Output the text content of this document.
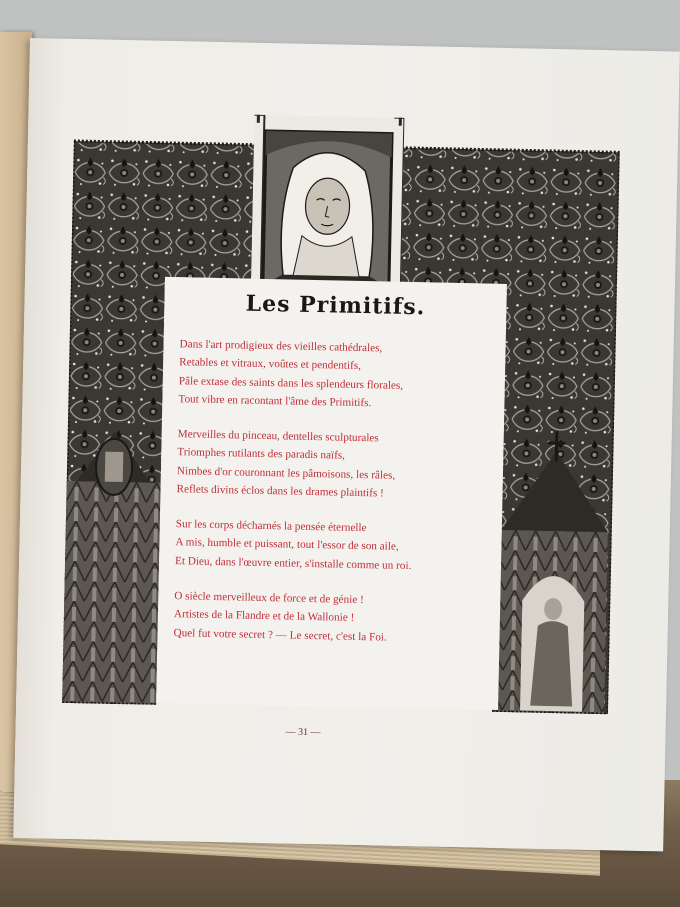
Les Primitifs.
Dans l'art prodigieux des vieilles cathédrales,
Retables et vitraux, voûtes et pendentifs,
Pâle extase des saints dans les splendeurs florales,
Tout vibre en racontant l'âme des Primitifs.
Merveilles du pinceau, dentelles sculpturales
Triomphes rutilants des paradis naïfs,
Nimbes d'or couronnant les pâmoisons, les râles,
Reflets divins éclos dans les drames plaintifs !
Sur les corps décharnés la pensée éternelle
A mis, humble et puissant, tout l'essor de son aile,
Et Dieu, dans l'œuvre entier, s'installe comme un roi.
O siècle merveilleux de force et de génie !
Artistes de la Flandre et de la Wallonie !
Quel fut votre secret ? — Le secret, c'est la Foi.
— 31 —
